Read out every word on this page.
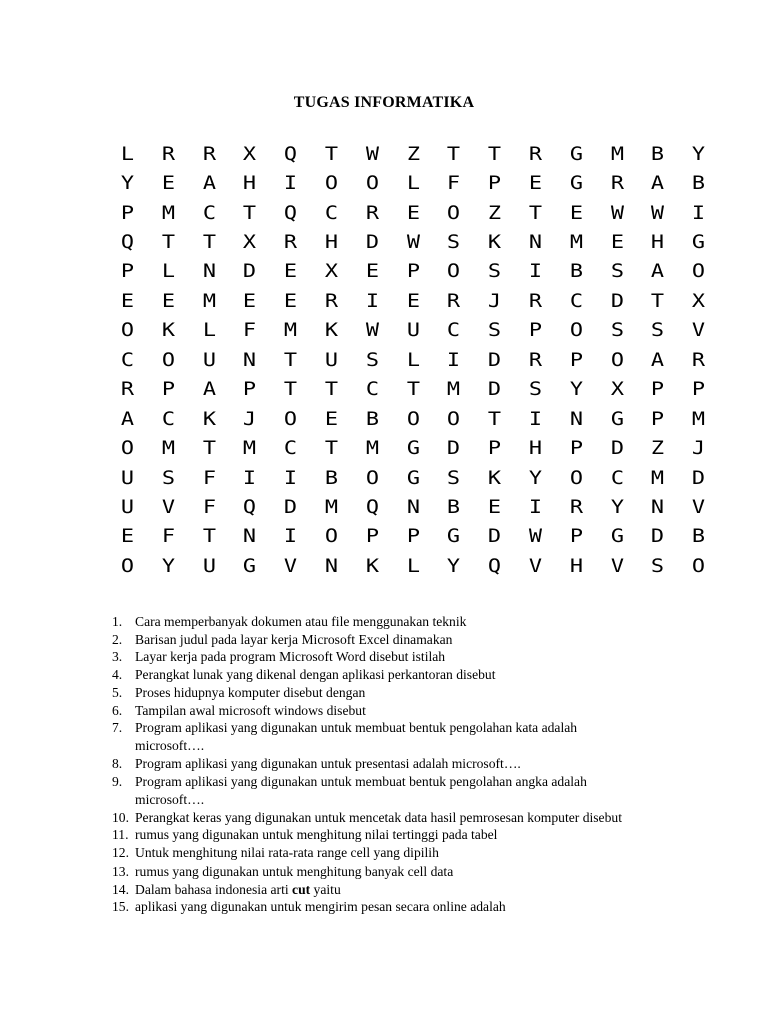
TUGAS INFORMATIKA
L	R	R	X	Q	T	W	Z	T	T	R	G	M	B	Y
Y	E	A	H	I	O	O	L	F	P	E	G	R	A	B
P	M	C	T	Q	C	R	E	O	Z	T	E	W	W	I
Q	T	T	X	R	H	D	W	S	K	N	M	E	H	G
P	L	N	D	E	X	E	P	O	S	I	B	S	A	O
E	E	M	E	E	R	I	E	R	J	R	C	D	T	X
O	K	L	F	M	K	W	U	C	S	P	O	S	S	V
C	O	U	N	T	U	S	L	I	D	R	P	O	A	R
R	P	A	P	T	T	C	T	M	D	S	Y	X	P	P
A	C	K	J	O	E	B	O	O	T	I	N	G	P	M
O	M	T	M	C	T	M	G	D	P	H	P	D	Z	J
U	S	F	I	I	B	O	G	S	K	Y	O	C	M	D
U	V	F	Q	D	M	Q	N	B	E	I	R	Y	N	V
E	F	T	N	I	O	P	P	G	D	W	P	G	D	B
O	Y	U	G	V	N	K	L	Y	Q	V	H	V	S	O
1. Cara memperbanyak dokumen atau file menggunakan teknik
2. Barisan judul pada layar kerja Microsoft Excel dinamakan
3. Layar kerja pada program Microsoft Word disebut istilah
4. Perangkat lunak yang dikenal dengan aplikasi perkantoran disebut
5. Proses hidupnya komputer disebut dengan
6. Tampilan awal microsoft windows disebut
7. Program aplikasi yang digunakan untuk membuat bentuk pengolahan kata adalah
microsoft….
8. Program aplikasi yang digunakan untuk presentasi adalah microsoft….
9. Program aplikasi yang digunakan untuk membuat bentuk pengolahan angka adalah
microsoft….
10. Perangkat keras yang digunakan untuk mencetak data hasil pemrosesan komputer disebut
11. rumus yang digunakan untuk menghitung nilai tertinggi pada tabel
12. Untuk menghitung nilai rata-rata range cell yang dipilih
13. rumus yang digunakan untuk menghitung banyak cell data
14. Dalam bahasa indonesia arti cut yaitu
15. aplikasi yang digunakan untuk mengirim pesan secara online adalah
